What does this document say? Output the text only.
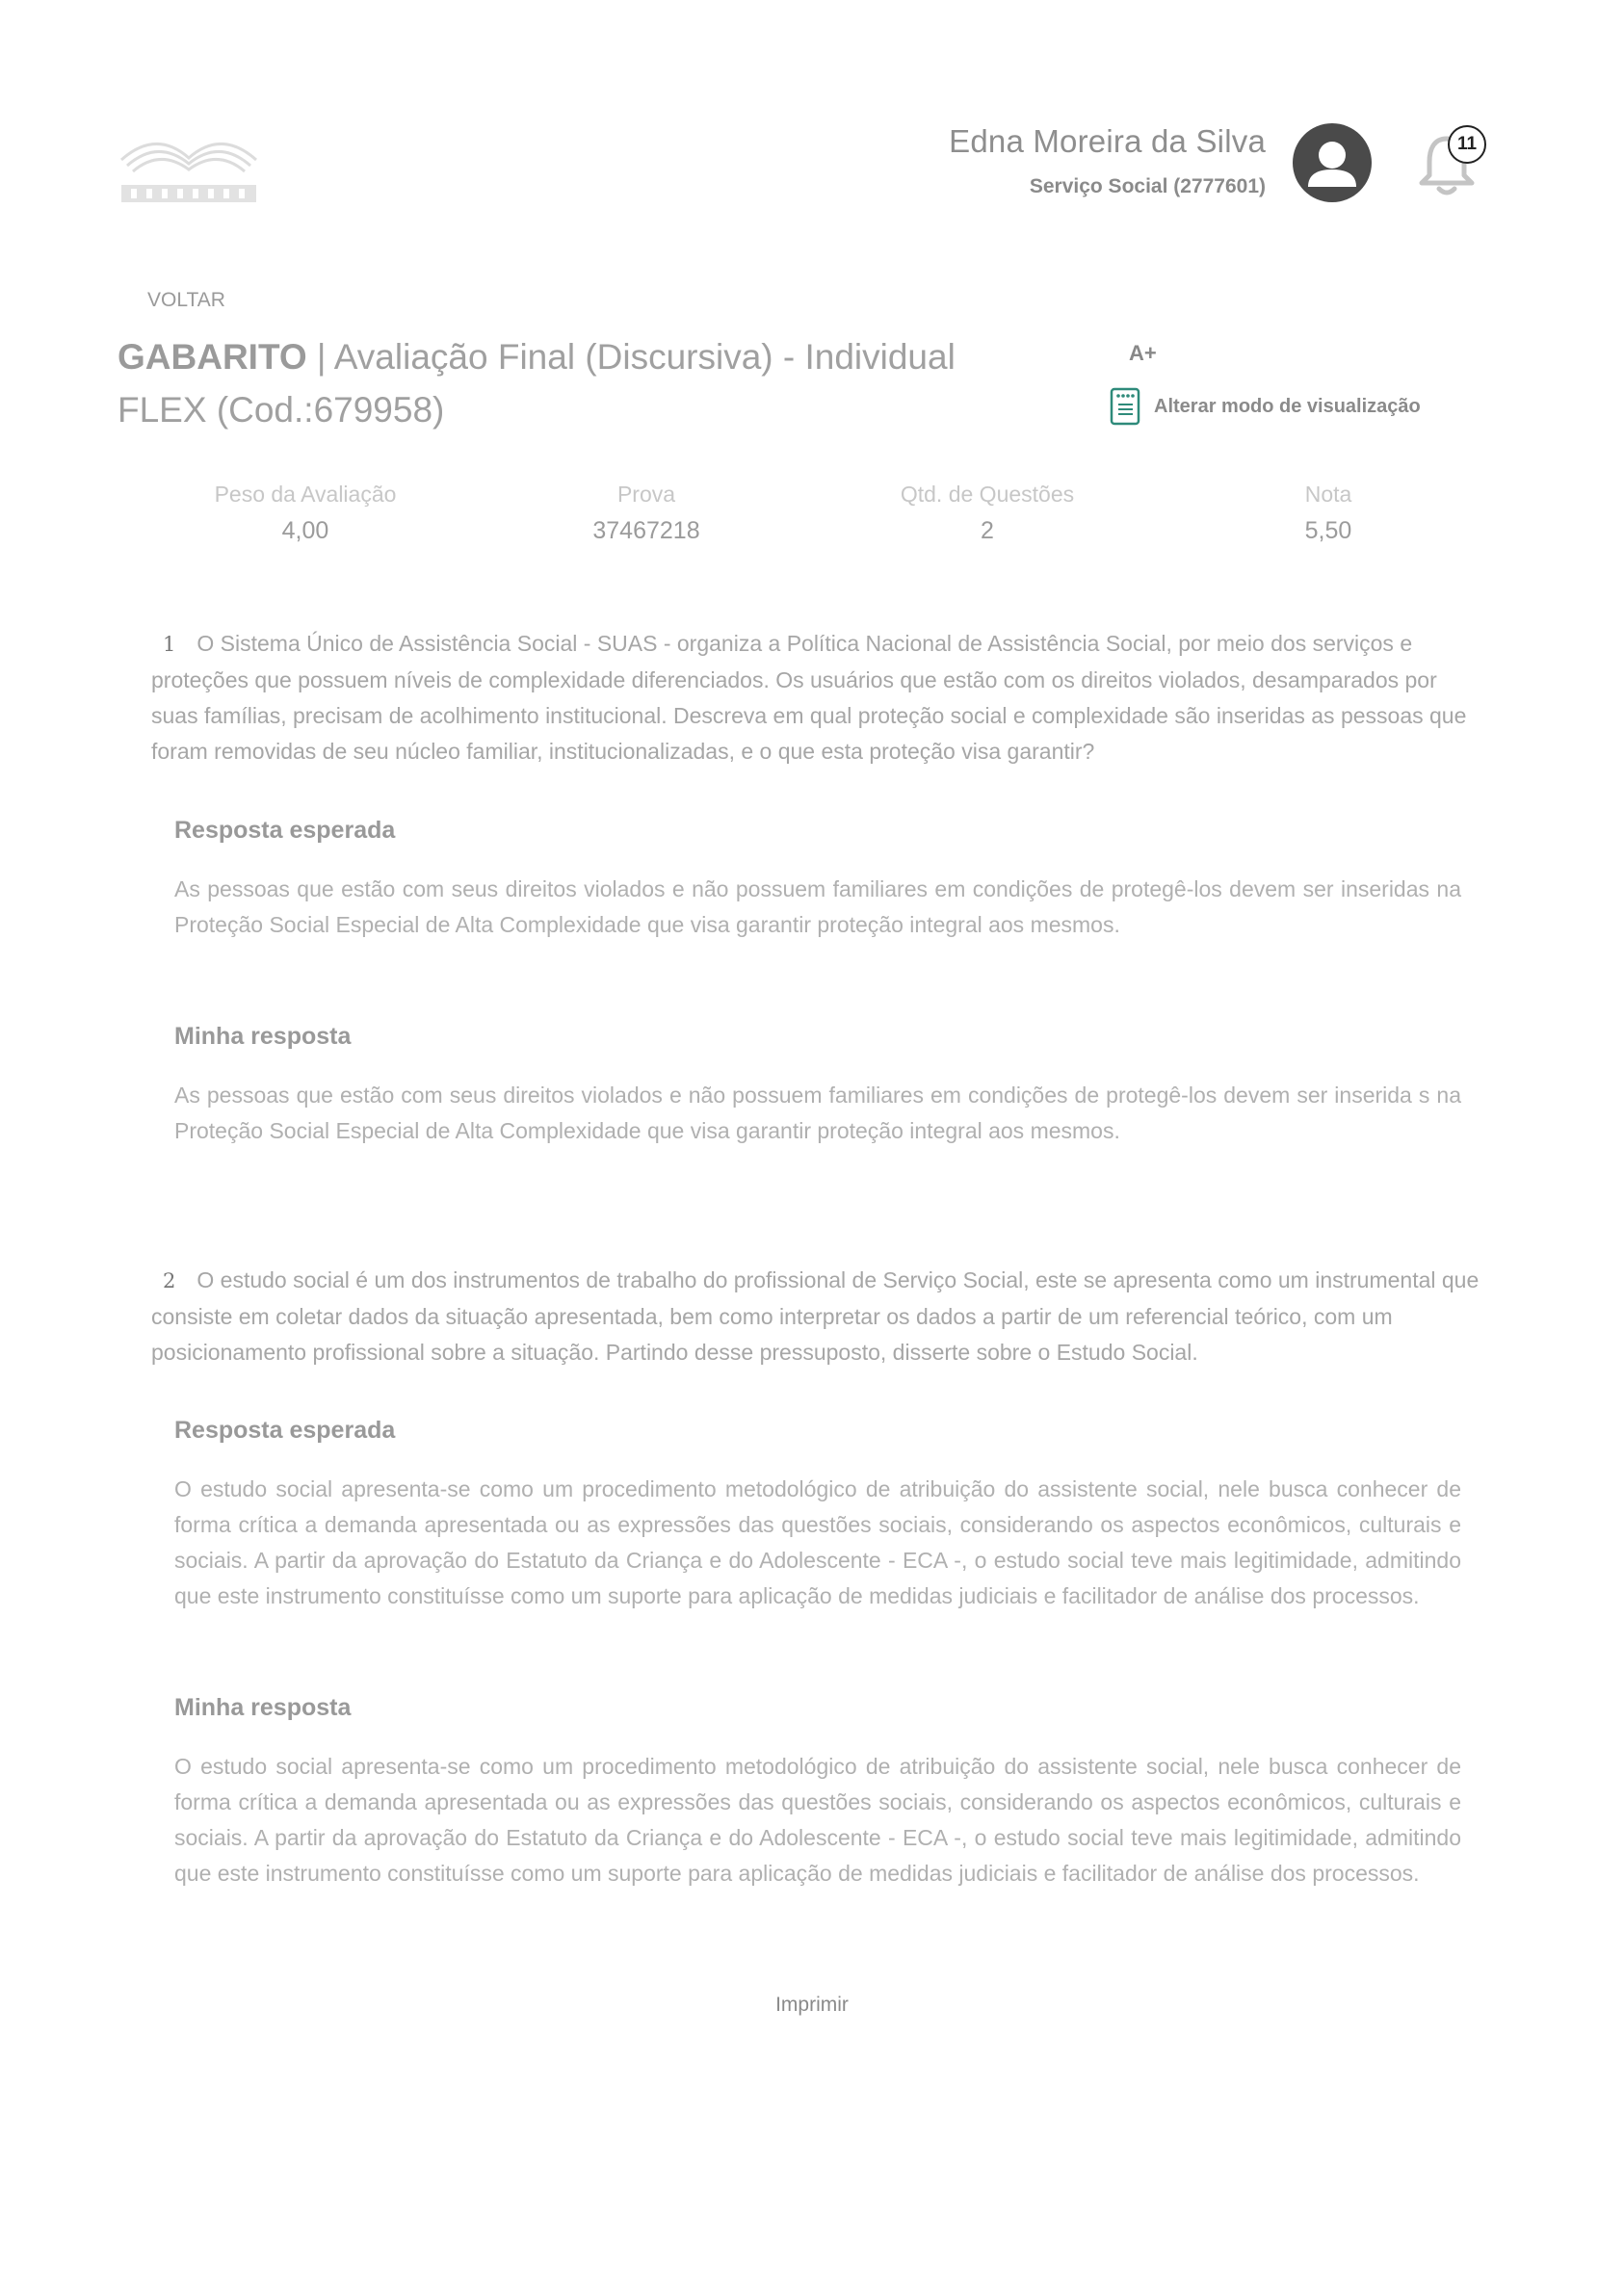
Edna Moreira da Silva
Serviço Social (2777601)
11
VOLTAR
GABARITO | Avaliação Final (Discursiva) - Individual FLEX (Cod.:679958)
A+
Alterar modo de visualização
Peso da Avaliação
4,00
Prova
37467218
Qtd. de Questões
2
Nota
5,50
1 O Sistema Único de Assistência Social - SUAS - organiza a Política Nacional de Assistência Social, por meio dos serviços e proteções que possuem níveis de complexidade diferenciados. Os usuários que estão com os direitos violados, desamparados por suas famílias, precisam de acolhimento institucional. Descreva em qual proteção social e complexidade são inseridas as pessoas que foram removidas de seu núcleo familiar, institucionalizadas, e o que esta proteção visa garantir?
Resposta esperada
As pessoas que estão com seus direitos violados e não possuem familiares em condições de protegê-los devem ser inseridas na Proteção Social Especial de Alta Complexidade que visa garantir proteção integral aos mesmos.
Minha resposta
As pessoas que estão com seus direitos violados e não possuem familiares em condições de protegê-los devem ser inserida s na Proteção Social Especial de Alta Complexidade que visa garantir proteção integral aos mesmos.
2 O estudo social é um dos instrumentos de trabalho do profissional de Serviço Social, este se apresenta como um instrumental que consiste em coletar dados da situação apresentada, bem como interpretar os dados a partir de um referencial teórico, com um posicionamento profissional sobre a situação. Partindo desse pressuposto, disserte sobre o Estudo Social.
Resposta esperada
O estudo social apresenta-se como um procedimento metodológico de atribuição do assistente social, nele busca conhecer de forma crítica a demanda apresentada ou as expressões das questões sociais, considerando os aspectos econômicos, culturais e sociais. A partir da aprovação do Estatuto da Criança e do Adolescente - ECA -, o estudo social teve mais legitimidade, admitindo que este instrumento constituísse como um suporte para aplicação de medidas judiciais e facilitador de análise dos processos.
Minha resposta
O estudo social apresenta-se como um procedimento metodológico de atribuição do assistente social, nele busca conhecer de forma crítica a demanda apresentada ou as expressões das questões sociais, considerando os aspectos econômicos, culturais e sociais. A partir da aprovação do Estatuto da Criança e do Adolescente - ECA -, o estudo social teve mais legitimidade, admitindo que este instrumento constituísse como um suporte para aplicação de medidas judiciais e facilitador de análise dos processos.
Imprimir
